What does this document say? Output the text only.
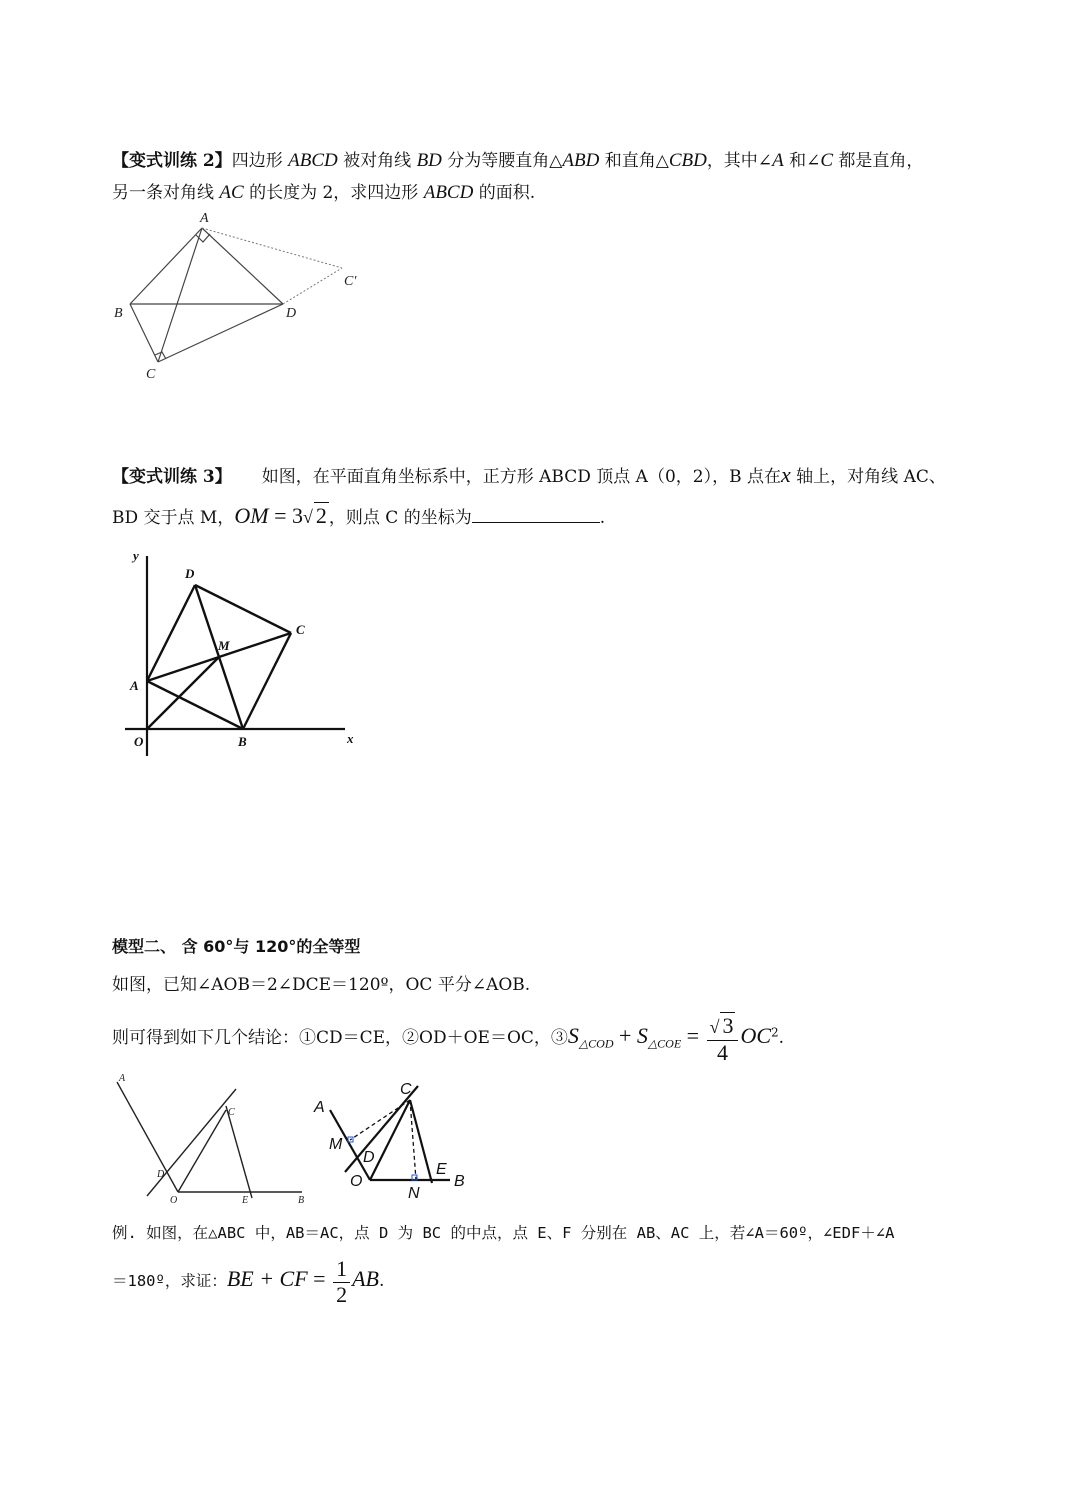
【变式训练 2】四边形 ABCD 被对角线 BD 分为等腰直角△ABD 和直角△CBD，其中∠A 和∠C 都是直角，
另一条对角线 AC 的长度为 2，求四边形 ABCD 的面积.
A
B	D
C
C'
【变式训练 3】 如图，在平面直角坐标系中，正方形 ABCD 顶点 A（0，2），B 点在x 轴上，对角线 AC、
BD 交于点 M，OM = 3√ 2 ，则点 C 的坐标为	.
y
x
D
C
M
A
O	B
模型二、 含 60°与 120°的全等型
如图，已知∠AOB＝2∠DCE＝120º，OC 平分∠AOB.
则可得到如下几个结论：①CD＝CE，②OD＋OE＝OC，$③S_{\triangle COD} + S_{\triangle COE} = \frac{√ 3}{4} OC^2$.
A
C
D
O	E	B
A
C
M
D
O
E
N
B
例. 如图，在△ABC 中，AB＝AC，点 D 为 BC 的中点，点 E、F 分别在 AB、AC 上，若∠A＝60º，∠EDF＋∠A
＝180º，求证：BE + CF = $\frac{1}{2}$ AB.
